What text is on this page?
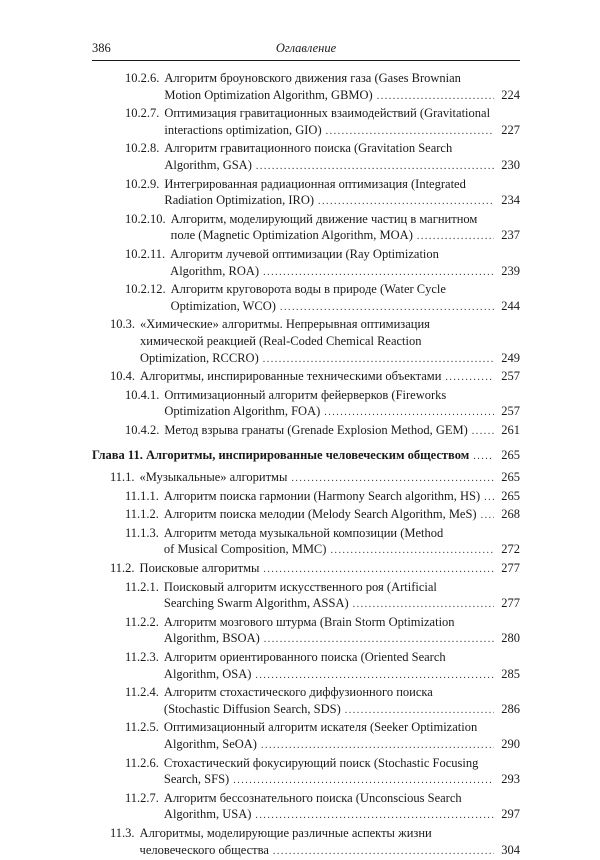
386	Оглавление
10.2.6. Алгоритм броуновского движения газа (Gases Brownian
Motion Optimization Algorithm, GBMO) .....	224
10.2.7. Оптимизация гравитационных взаимодействий (Gravitational
interactions optimization, GIO) .....	227
10.2.8. Алгоритм гравитационного поиска (Gravitation Search
Algorithm, GSA) .....	230
10.2.9. Интегрированная радиационная оптимизация (Integrated
Radiation Optimization, IRO) .....	234
10.2.10. Алгоритм, моделирующий движение частиц в магнитном
поле (Magnetic Optimization Algorithm, MOA) .....	237
10.2.11. Алгоритм лучевой оптимизации (Ray Optimization
Algorithm, ROA) .....	239
10.2.12. Алгоритм круговорота воды в природе (Water Cycle
Optimization, WCO) .....	244
10.3. «Химические» алгоритмы. Непрерывная оптимизация
химической реакцией (Real-Coded Chemical Reaction
Optimization, RCCRO) .....	249
10.4. Алгоритмы, инспирированные техническими объектами .....	257
10.4.1. Оптимизационный алгоритм фейерверков (Fireworks
Optimization Algorithm, FOA) .....	257
10.4.2. Метод взрыва гранаты (Grenade Explosion Method, GEM) .....	261
Глава 11. Алгоритмы, инспирированные человеческим обществом .....	265
11.1. «Музыкальные» алгоритмы .....	265
11.1.1. Алгоритм поиска гармонии (Harmony Search algorithm, HS) ..... 265
11.1.2. Алгоритм поиска мелодии (Melody Search Algorithm, MeS) ..... 268
11.1.3. Алгоритм метода музыкальной композиции (Method
of Musical Composition, MMC) .....	272
11.2. Поисковые алгоритмы .....	277
11.2.1. Поисковый алгоритм искусственного роя (Artificial
Searching Swarm Algorithm, ASSA) .....	277
11.2.2. Алгоритм мозгового штурма (Brain Storm Optimization
Algorithm, BSOA) .....	280
11.2.3. Алгоритм ориентированного поиска (Oriented Search
Algorithm, OSA) .....	285
11.2.4. Алгоритм стохастического диффузионного поиска
(Stochastic Diffusion Search, SDS) .....	286
11.2.5. Оптимизационный алгоритм искателя (Seeker Optimization
Algorithm, SeOA) .....	290
11.2.6. Стохастический фокусирующий поиск (Stochastic Focusing
Search, SFS) .....	293
11.2.7. Алгоритм бессознательного поиска (Unconscious Search
Algorithm, USA) .....	297
11.3. Алгоритмы, моделирующие различные аспекты жизни
человеческого общества .....	304
